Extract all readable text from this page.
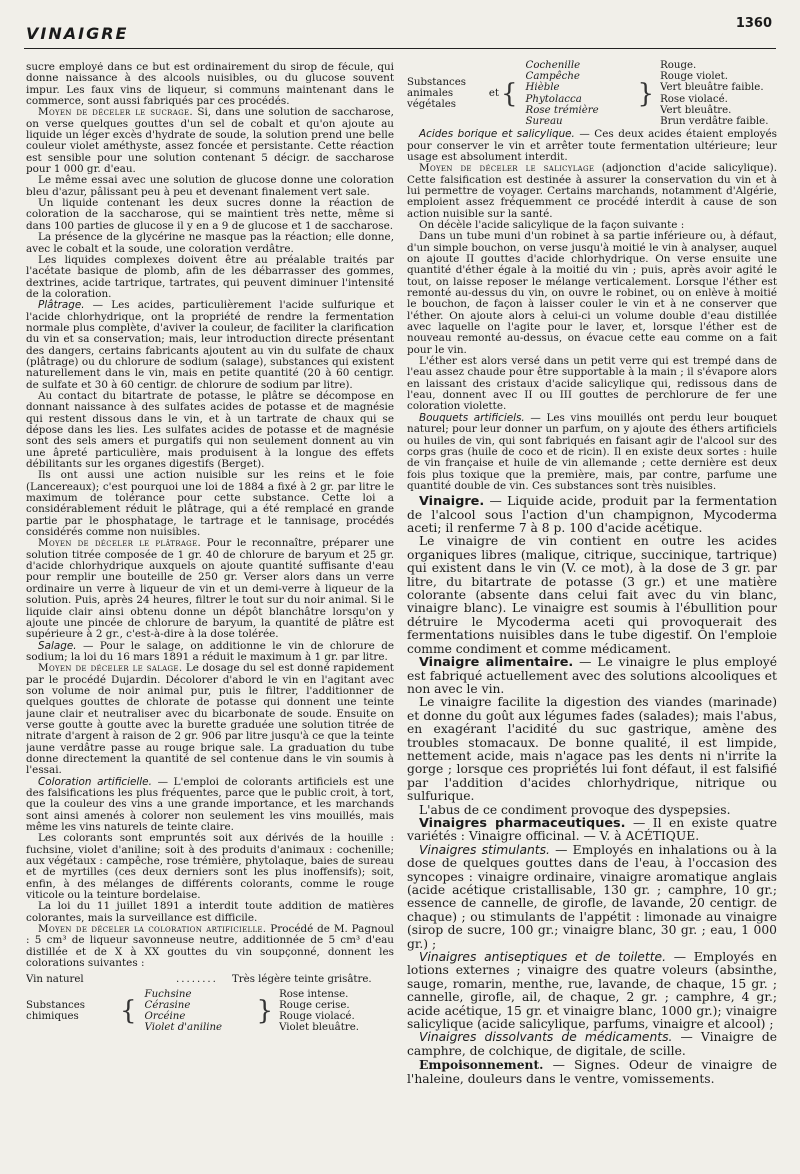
VINAIGRE
1360

sucre employé dans ce but est ordinairement du sirop de fécule, qui donne naissance à des alcools nuisibles, ou du glucose souvent impur. Les faux vins de liqueur, si communs maintenant dans le commerce, sont aussi fabriqués par ces procédés.

Moyen de déceler le sucrage. Si, dans une solution de saccharose, on verse quelques gouttes d'un sel de cobalt et qu'on ajoute au liquide un léger excès d'hydrate de soude, la solution prend une belle couleur violet améthyste, assez foncée et persistante. Cette réaction est sensible pour une solution contenant 5 décigr. de saccharose pour 1 000 gr. d'eau.

Le même essai avec une solution de glucose donne une coloration bleu d'azur, pâlissant peu à peu et devenant finalement vert sale.

Un liquide contenant les deux sucres donne la réaction de coloration de la saccharose, qui se maintient très nette, même si dans 100 parties de glucose il y en a 9 de glucose et 1 de saccharose.

La présence de la glycérine ne masque pas la réaction; elle donne, avec le cobalt et la soude, une coloration verdâtre.

Les liquides complexes doivent être au préalable traités par l'acétate basique de plomb, afin de les débarrasser des gommes, dextrines, acide tartrique, tartrates, qui peuvent diminuer l'intensité de la coloration.

Plâtrage. — Les acides, particulièrement l'acide sulfurique et l'acide chlorhydrique, ont la propriété de rendre la fermentation normale plus complète, d'aviver la couleur, de faciliter la clarification du vin et sa conservation; mais, leur introduction directe présentant des dangers, certains fabricants ajoutent au vin du sulfate de chaux (plâtrage) ou du chlorure de sodium (salage), substances qui existent naturellement dans le vin, mais en petite quantité (20 à 60 centigr. de sulfate et 30 à 60 centigr. de chlorure de sodium par litre).

Au contact du bitartrate de potasse, le plâtre se décompose en donnant naissance à des sulfates acides de potasse et de magnésie qui restent dissous dans le vin, et à un tartrate de chaux qui se dépose dans les lies. Les sulfates acides de potasse et de magnésie sont des sels amers et purgatifs qui non seulement donnent au vin une âpreté particulière, mais produisent à la longue des effets débilitants sur les organes digestifs (Berget).

Ils ont aussi une action nuisible sur les reins et le foie (Lancereaux); c'est pourquoi une loi de 1884 a fixé à 2 gr. par litre le maximum de tolérance pour cette substance. Cette loi a considérablement réduit le plâtrage, qui a été remplacé en grande partie par le phosphatage, le tartrage et le tannisage, procédés considérés comme non nuisibles.

Moyen de déceler le plâtrage. Pour le reconnaître, préparer une solution titrée composée de 1 gr. 40 de chlorure de baryum et 25 gr. d'acide chlorhydrique auxquels on ajoute quantité suffisante d'eau pour remplir une bouteille de 250 gr. Verser alors dans un verre ordinaire un verre à liqueur de vin et un demi-verre à liqueur de la solution. Puis, après 24 heures, filtrer le tout sur du noir animal. Si le liquide clair ainsi obtenu donne un dépôt blanchâtre lorsqu'on y ajoute une pincée de chlorure de baryum, la quantité de plâtre est supérieure à 2 gr., c'est-à-dire à la dose tolérée.

Salage. — Pour le salage, on additionne le vin de chlorure de sodium; la loi du 16 mars 1891 a réduit le maximum à 1 gr. par litre.

Moyen de déceler le salage. Le dosage du sel est donné rapidement par le procédé Dujardin. Décolorer d'abord le vin en l'agitant avec son volume de noir animal pur, puis le filtrer, l'additionner de quelques gouttes de chlorate de potasse qui donnent une teinte jaune clair et neutraliser avec du bicarbonate de soude. Ensuite on verse goutte à goutte avec la burette graduée une solution titrée de nitrate d'argent à raison de 2 gr. 906 par litre jusqu'à ce que la teinte jaune verdâtre passe au rouge brique sale. La graduation du tube donne directement la quantité de sel contenue dans le vin soumis à l'essai.

Coloration artificielle. — L'emploi de colorants artificiels est une des falsifications les plus fréquentes, parce que le public croit, à tort, que la couleur des vins a une grande importance, et les marchands sont ainsi amenés à colorer non seulement les vins mouillés, mais même les vins naturels de teinte claire.

Les colorants sont empruntés soit aux dérivés de la houille : fuchsine, violet d'aniline; soit à des produits d'animaux : cochenille; aux végétaux : campêche, rose trémière, phytolaque, baies de sureau et de myrtilles (ces deux derniers sont les plus inoffensifs); soit, enfin, à des mélanges de différents colorants, comme le rouge viticole ou la teinture bordelaise.

La loi du 11 juillet 1891 a interdit toute addition de matières colorantes, mais la surveillance est difficile.

Moyen de déceler la coloration artificielle. Procédé de M. Pagnoul : 5 cm³ de liqueur savonneuse neutre, additionnée de 5 cm³ d'eau distillée et de X à XX gouttes du vin soupçonné, donnent les colorations suivantes :

Vin naturel	........	Très légère teinte grisâtre.
Substances chimiques	{	Fuchsine	}	Rose intense.
		Cérasine		Rouge cerise.
		Orcéine		Rouge violacé.
		Violet d'aniline		Violet bleuâtre.
Substances animales et végétales	{	Cochenille	}	Rouge.
		Campêche		Rouge violet.
		Hièble		Vert bleuâtre faible.
		Phytolacca		Rose violacé.
		Rose trémière		Vert bleuâtre.
		Sureau		Brun verdâtre faible.

Acides borique et salicylique. — Ces deux acides étaient employés pour conserver le vin et arrêter toute fermentation ultérieure; leur usage est absolument interdit.

Moyen de déceler le salicylage (adjonction d'acide salicylique). Cette falsification est destinée à assurer la conservation du vin et à lui permettre de voyager. Certains marchands, notamment d'Algérie, emploient assez fréquemment ce procédé interdit à cause de son action nuisible sur la santé.

On décèle l'acide salicylique de la façon suivante :

Dans un tube muni d'un robinet à sa partie inférieure ou, à défaut, d'un simple bouchon, on verse jusqu'à moitié le vin à analyser, auquel on ajoute II gouttes d'acide chlorhydrique. On verse ensuite une quantité d'éther égale à la moitié du vin ; puis, après avoir agité le tout, on laisse reposer le mélange verticalement. Lorsque l'éther est remonté au-dessus du vin, on ouvre le robinet, ou on enlève à moitié le bouchon, de façon à laisser couler le vin et à ne conserver que l'éther. On ajoute alors à celui-ci un volume double d'eau distillée avec laquelle on l'agite pour le laver, et, lorsque l'éther est de nouveau remonté au-dessus, on évacue cette eau comme on a fait pour le vin.

L'éther est alors versé dans un petit verre qui est trempé dans de l'eau assez chaude pour être supportable à la main ; il s'évapore alors en laissant des cristaux d'acide salicylique qui, redissous dans de l'eau, donnent avec II ou III gouttes de perchlorure de fer une coloration violette.

Bouquets artificiels. — Les vins mouillés ont perdu leur bouquet naturel; pour leur donner un parfum, on y ajoute des éthers artificiels ou huiles de vin, qui sont fabriqués en faisant agir de l'alcool sur des corps gras (huile de coco et de ricin). Il en existe deux sortes : huile de vin française et huile de vin allemande ; cette dernière est deux fois plus toxique que la première, mais, par contre, parfume une quantité double de vin. Ces substances sont très nuisibles.

Vinaigre. — Liquide acide, produit par la fermentation de l'alcool sous l'action d'un champignon, Mycoderma aceti; il renferme 7 à 8 p. 100 d'acide acétique.

Le vinaigre de vin contient en outre les acides organiques libres (malique, citrique, succinique, tartrique) qui existent dans le vin (V. ce mot), à la dose de 3 gr. par litre, du bitartrate de potasse (3 gr.) et une matière colorante (absente dans celui fait avec du vin blanc, vinaigre blanc). Le vinaigre est soumis à l'ébullition pour détruire le Mycoderma aceti qui provoquerait des fermentations nuisibles dans le tube digestif. On l'emploie comme condiment et comme médicament.

Vinaigre alimentaire. — Le vinaigre le plus employé est fabriqué actuellement avec des solutions alcooliques et non avec le vin.

Le vinaigre facilite la digestion des viandes (marinade) et donne du goût aux légumes fades (salades); mais l'abus, en exagérant l'acidité du suc gastrique, amène des troubles stomacaux. De bonne qualité, il est limpide, nettement acide, mais n'agace pas les dents ni n'irrite la gorge ; lorsque ces propriétés lui font défaut, il est falsifié par l'addition d'acides chlorhydrique, nitrique ou sulfurique.

L'abus de ce condiment provoque des dyspepsies.

Vinaigres pharmaceutiques. — Il en existe quatre variétés : Vinaigre officinal. — V. à ACÉTIQUE.

Vinaigres stimulants. — Employés en inhalations ou à la dose de quelques gouttes dans de l'eau, à l'occasion des syncopes : vinaigre ordinaire, vinaigre aromatique anglais (acide acétique cristallisable, 130 gr. ; camphre, 10 gr.; essence de cannelle, de girofle, de lavande, 20 centigr. de chaque) ; ou stimulants de l'appétit : limonade au vinaigre (sirop de sucre, 100 gr.; vinaigre blanc, 30 gr. ; eau, 1 000 gr.) ;

Vinaigres antiseptiques et de toilette. — Employés en lotions externes ; vinaigre des quatre voleurs (absinthe, sauge, romarin, menthe, rue, lavande, de chaque, 15 gr. ; cannelle, girofle, ail, de chaque, 2 gr. ; camphre, 4 gr.; acide acétique, 15 gr. et vinaigre blanc, 1000 gr.); vinaigre salicylique (acide salicylique, parfums, vinaigre et alcool) ;

Vinaigres dissolvants de médicaments. — Vinaigre de camphre, de colchique, de digitale, de scille.

Empoisonnement. — Signes. Odeur de vinaigre de l'haleine, douleurs dans le ventre, vomissements.
